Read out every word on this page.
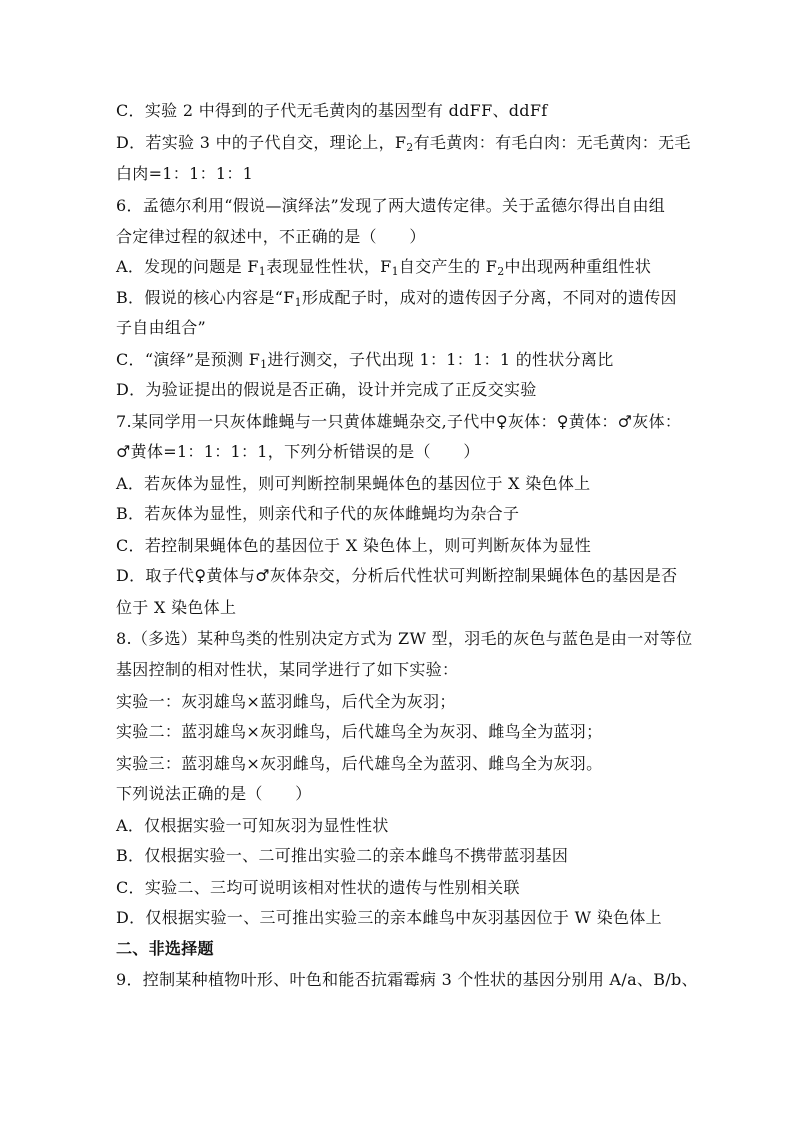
C．实验 2 中得到的子代无毛黄肉的基因型有 ddFF、ddFf
D．若实验 3 中的子代自交，理论上，$F_2$有毛黄肉：有毛白肉：无毛黄肉：无毛
白肉=1：1：1：1
6．孟德尔利用“假说—演绎法”发现了两大遗传定律。关于孟德尔得出自由组
合定律过程的叙述中，不正确的是（　　）
A．发现的问题是 $F_1$表现显性性状，$F_1$自交产生的 $F_2$中出现两种重组性状
B．假说的核心内容是“$F_1$形成配子时，成对的遗传因子分离，不同对的遗传因
子自由组合”
C．“演绎”是预测 $F_1$进行测交，子代出现 1：1：1：1 的性状分离比
D．为验证提出的假说是否正确，设计并完成了正反交实验
7.某同学用一只灰体雌蝇与一只黄体雄蝇杂交,子代中♀灰体：♀黄体：♂灰体：
♂黄体=1：1：1：1，下列分析错误的是（　　）
A．若灰体为显性，则可判断控制果蝇体色的基因位于 X 染色体上
B．若灰体为显性，则亲代和子代的灰体雌蝇均为杂合子
C．若控制果蝇体色的基因位于 X 染色体上，则可判断灰体为显性
D．取子代♀黄体与♂灰体杂交，分析后代性状可判断控制果蝇体色的基因是否
位于 X 染色体上
8.（多选）某种鸟类的性别决定方式为 ZW 型，羽毛的灰色与蓝色是由一对等位
基因控制的相对性状，某同学进行了如下实验：
实验一：灰羽雄鸟×蓝羽雌鸟，后代全为灰羽；
实验二：蓝羽雄鸟×灰羽雌鸟，后代雄鸟全为灰羽、雌鸟全为蓝羽；
实验三：蓝羽雄鸟×灰羽雌鸟，后代雄鸟全为蓝羽、雌鸟全为灰羽。
下列说法正确的是（　　）
A．仅根据实验一可知灰羽为显性性状
B．仅根据实验一、二可推出实验二的亲本雌鸟不携带蓝羽基因
C．实验二、三均可说明该相对性状的遗传与性别相关联
D．仅根据实验一、三可推出实验三的亲本雌鸟中灰羽基因位于 W 染色体上
二、非选择题
9．控制某种植物叶形、叶色和能否抗霜霉病 3 个性状的基因分别用 A/a、B/b、
